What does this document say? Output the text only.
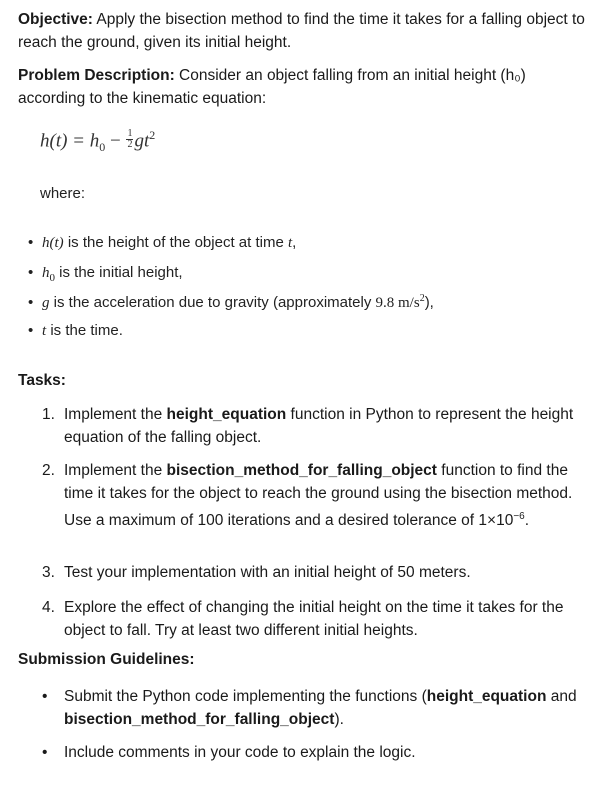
Objective: Apply the bisection method to find the time it takes for a falling object to reach the ground, given its initial height.
Problem Description: Consider an object falling from an initial height (h₀) according to the kinematic equation:
$h(t) = h_0 - \frac{1}{2} gt^2$
where:
• h(t) is the height of the object at time t,
• $h_0$ is the initial height,
• g is the acceleration due to gravity (approximately 9.8 $m/s^2$),
• t is the time.
Tasks:
1. Implement the height_equation function in Python to represent the height equation of the falling object.
2. Implement the bisection_method_for_falling_object function to find the time it takes for the object to reach the ground using the bisection method. Use a maximum of 100 iterations and a desired tolerance of $1\times 10^{-6}$.
3. Test your implementation with an initial height of 50 meters.
4. Explore the effect of changing the initial height on the time it takes for the object to fall. Try at least two different initial heights.
Submission Guidelines:
•	Submit the Python code implementing the functions (height_equation and bisection_method_for_falling_object).
•	Include comments in your code to explain the logic.
